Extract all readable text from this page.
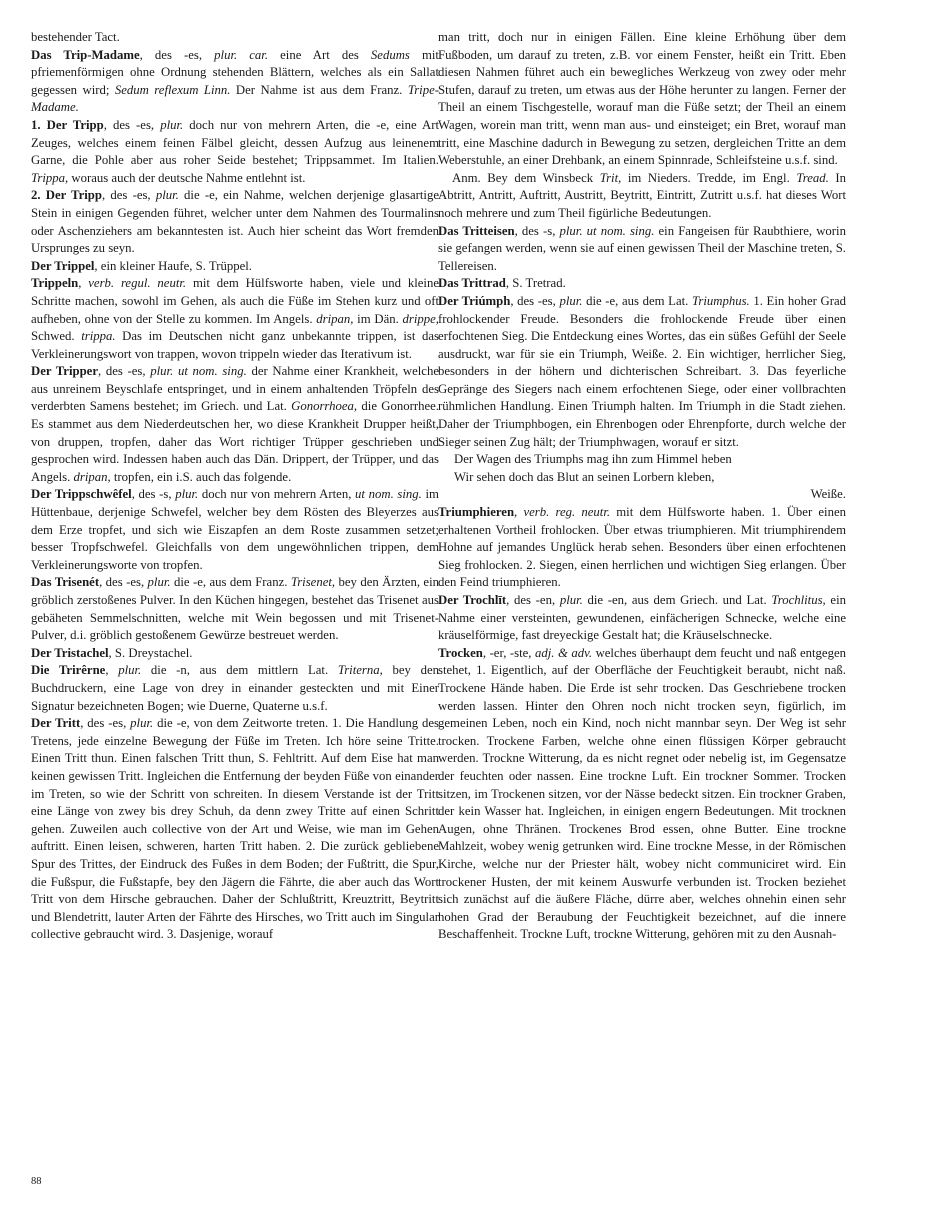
bestehender Tact.

Das Trip-Madame, des -es, plur. car. eine Art des Sedums mit pfriemenförmigen ohne Ordnung stehenden Blättern, welches als ein Sallat gegessen wird; Sedum reflexum Linn. Der Nahme ist aus dem Franz. Tripe-Madame.

1. Der Tripp, des -es, plur. doch nur von mehrern Arten, die -e, eine Art Zeuges, welches einem feinen Fälbel gleicht, dessen Aufzug aus leinenem Garne, die Pohle aber aus roher Seide bestehet; Trippsammet. Im Italien. Trippa, woraus auch der deutsche Nahme entlehnt ist.

2. Der Tripp, des -es, plur. die -e, ein Nahme, welchen derjenige glasartige Stein in einigen Gegenden führet, welcher unter dem Nahmen des Tourmalins oder Aschenziehers am bekanntesten ist. Auch hier scheint das Wort fremden Ursprunges zu seyn.

Der Trippel, ein kleiner Haufe, S. Trüppel.

Trippeln, verb. regul. neutr. mit dem Hülfsworte haben, viele und kleine Schritte machen, sowohl im Gehen, als auch die Füße im Stehen kurz und oft aufheben, ohne von der Stelle zu kommen. Im Angels. dripan, im Dän. drippe, Schwed. trippa. Das im Deutschen nicht ganz unbekannte trippen, ist das Verkleinerungswort von trappen, wovon trippeln wieder das Iterativum ist.

Der Tripper, des -es, plur. ut nom. sing. der Nahme einer Krankheit, welche aus unreinem Beyschlafe entspringet, und in einem anhaltenden Tröpfeln des verderbten Samens bestehet; im Griech. und Lat. Gonorrhoea, die Gonorrhee. Es stammet aus dem Niederdeutschen her, wo diese Krankheit Drupper heißt, von druppen, tropfen, daher das Wort richtiger Trüpper geschrieben und gesprochen wird. Indessen haben auch das Dän. Drippert, der Trüpper, und das Angels. dripan, tropfen, ein i.S. auch das folgende.

Der Trippschwêfel, des -s, plur. doch nur von mehrern Arten, ut nom. sing. im Hüttenbaue, derjenige Schwefel, welcher bey dem Rösten des Bleyerzes aus dem Erze tropfet, und sich wie Eiszapfen an dem Roste zusammen setzet; besser Tropfschwefel. Gleichfalls von dem ungewöhnlichen trippen, dem Verkleinerungsworte von tropfen.

Das Trisenét, des -es, plur. die -e, aus dem Franz. Trisenet, bey den Ärzten, ein gröblich zerstoßenes Pulver. In den Küchen hingegen, bestehet das Trisenet aus gebäheten Semmelschnitten, welche mit Wein begossen und mit Trisenet-Pulver, d.i. gröblich gestoßenem Gewürze bestreuet werden.

Der Tristachel, S. Dreystachel.

Die Trirêrne, plur. die -n, aus dem mittlern Lat. Triterna, bey den Buchdruckern, eine Lage von drey in einander gesteckten und mit Einer Signatur bezeichneten Bogen; wie Duerne, Quaterne u.s.f.

Der Tritt, des -es, plur. die -e, von dem Zeitworte treten. 1. Die Handlung des Tretens, jede einzelne Bewegung der Füße im Treten. Ich höre seine Tritte. Einen Tritt thun. Einen falschen Tritt thun, S. Fehltritt. Auf dem Eise hat man keinen gewissen Tritt. Ingleichen die Entfernung der beyden Füße von einander im Treten, so wie der Schritt von schreiten. In diesem Verstande ist der Tritt eine Länge von zwey bis drey Schuh, da denn zwey Tritte auf einen Schritt gehen. Zuweilen auch collective von der Art und Weise, wie man im Gehen auftritt. Einen leisen, schweren, harten Tritt haben. 2. Die zurück gebliebene Spur des Trittes, der Eindruck des Fußes in dem Boden; der Fußtritt, die Spur, die Fußspur, die Fußstapfe, bey den Jägern die Fährte, die aber auch das Wort Tritt von dem Hirsche gebrauchen. Daher der Schlußtritt, Kreuztritt, Beytritt und Blendetritt, lauter Arten der Fährte des Hirsches, wo Tritt auch im Singular collective gebraucht wird. 3. Dasjenige, worauf

man tritt, doch nur in einigen Fällen. Eine kleine Erhöhung über dem Fußboden, um darauf zu treten, z.B. vor einem Fenster, heißt ein Tritt. Eben diesen Nahmen führet auch ein bewegliches Werkzeug von zwey oder mehr Stufen, darauf zu treten, um etwas aus der Höhe herunter zu langen. Ferner der Theil an einem Tischgestelle, worauf man die Füße setzt; der Theil an einem Wagen, worein man tritt, wenn man aus- und einsteiget; ein Bret, worauf man tritt, eine Maschine dadurch in Bewegung zu setzen, dergleichen Tritte an dem Weberstuhle, an einer Drehbank, an einem Spinnrade, Schleifsteine u.s.f. sind.

Anm. Bey dem Winsbeck Trit, im Nieders. Tredde, im Engl. Tread. In Abtritt, Antritt, Auftritt, Austritt, Beytritt, Eintritt, Zutritt u.s.f. hat dieses Wort noch mehrere und zum Theil figürliche Bedeutungen.

Das Tritteisen, des -s, plur. ut nom. sing. ein Fangeisen für Raubthiere, worin sie gefangen werden, wenn sie auf einen gewissen Theil der Maschine treten, S. Tellereisen.

Das Trittrad, S. Tretrad.

Der Triúmph, des -es, plur. die -e, aus dem Lat. Triumphus. 1. Ein hoher Grad frohlockender Freude. Besonders die frohlockende Freude über einen erfochtenen Sieg. Die Entdeckung eines Wortes, das ein süßes Gefühl der Seele ausdruckt, war für sie ein Triumph, Weiße. 2. Ein wichtiger, herrlicher Sieg, besonders in der höhern und dichterischen Schreibart. 3. Das feyerliche Gepränge des Siegers nach einem erfochtenen Siege, oder einer vollbrachten rühmlichen Handlung. Einen Triumph halten. Im Triumph in die Stadt ziehen. Daher der Triumphbogen, ein Ehrenbogen oder Ehrenpforte, durch welche der Sieger seinen Zug hält; der Triumphwagen, worauf er sitzt.

Der Wagen des Triumphs mag ihn zum Himmel heben

Wir sehen doch das Blut an seinen Lorbern kleben,

Weiße.

Triumphieren, verb. reg. neutr. mit dem Hülfsworte haben. 1. Über einen erhaltenen Vortheil frohlocken. Über etwas triumphieren. Mit triumphirendem Hohne auf jemandes Unglück herab sehen. Besonders über einen erfochtenen Sieg frohlocken. 2. Siegen, einen herrlichen und wichtigen Sieg erlangen. Über den Feind triumphieren.

Der Trochlīt, des -en, plur. die -en, aus dem Griech. und Lat. Trochlitus, ein Nahme einer versteinten, gewundenen, einfächerigen Schnecke, welche eine kräuselförmige, fast dreyeckige Gestalt hat; die Kräuselschnecke.

Trocken, -er, -ste, adj. & adv. welches überhaupt dem feucht und naß entgegen stehet, 1. Eigentlich, auf der Oberfläche der Feuchtigkeit beraubt, nicht naß. Trockene Hände haben. Die Erde ist sehr trocken. Das Geschriebene trocken werden lassen. Hinter den Ohren noch nicht trocken seyn, figürlich, im gemeinen Leben, noch ein Kind, noch nicht mannbar seyn. Der Weg ist sehr trocken. Trockene Farben, welche ohne einen flüssigen Körper gebraucht werden. Trockne Witterung, da es nicht regnet oder nebelig ist, im Gegensatze der feuchten oder nassen. Eine trockne Luft. Ein trockner Sommer. Trocken sitzen, im Trockenen sitzen, vor der Nässe bedeckt sitzen. Ein trockner Graben, der kein Wasser hat. Ingleichen, in einigen engern Bedeutungen. Mit trocknen Augen, ohne Thränen. Trockenes Brod essen, ohne Butter. Eine trockne Mahlzeit, wobey wenig getrunken wird. Eine trockne Messe, in der Römischen Kirche, welche nur der Priester hält, wobey nicht communiciret wird. Ein trockener Husten, der mit keinem Auswurfe verbunden ist. Trocken beziehet sich zunächst auf die äußere Fläche, dürre aber, welches ohnehin einen sehr hohen Grad der Beraubung der Feuchtigkeit bezeichnet, auf die innere Beschaffenheit. Trockne Luft, trockne Witterung, gehören mit zu den Ausnah-

88
